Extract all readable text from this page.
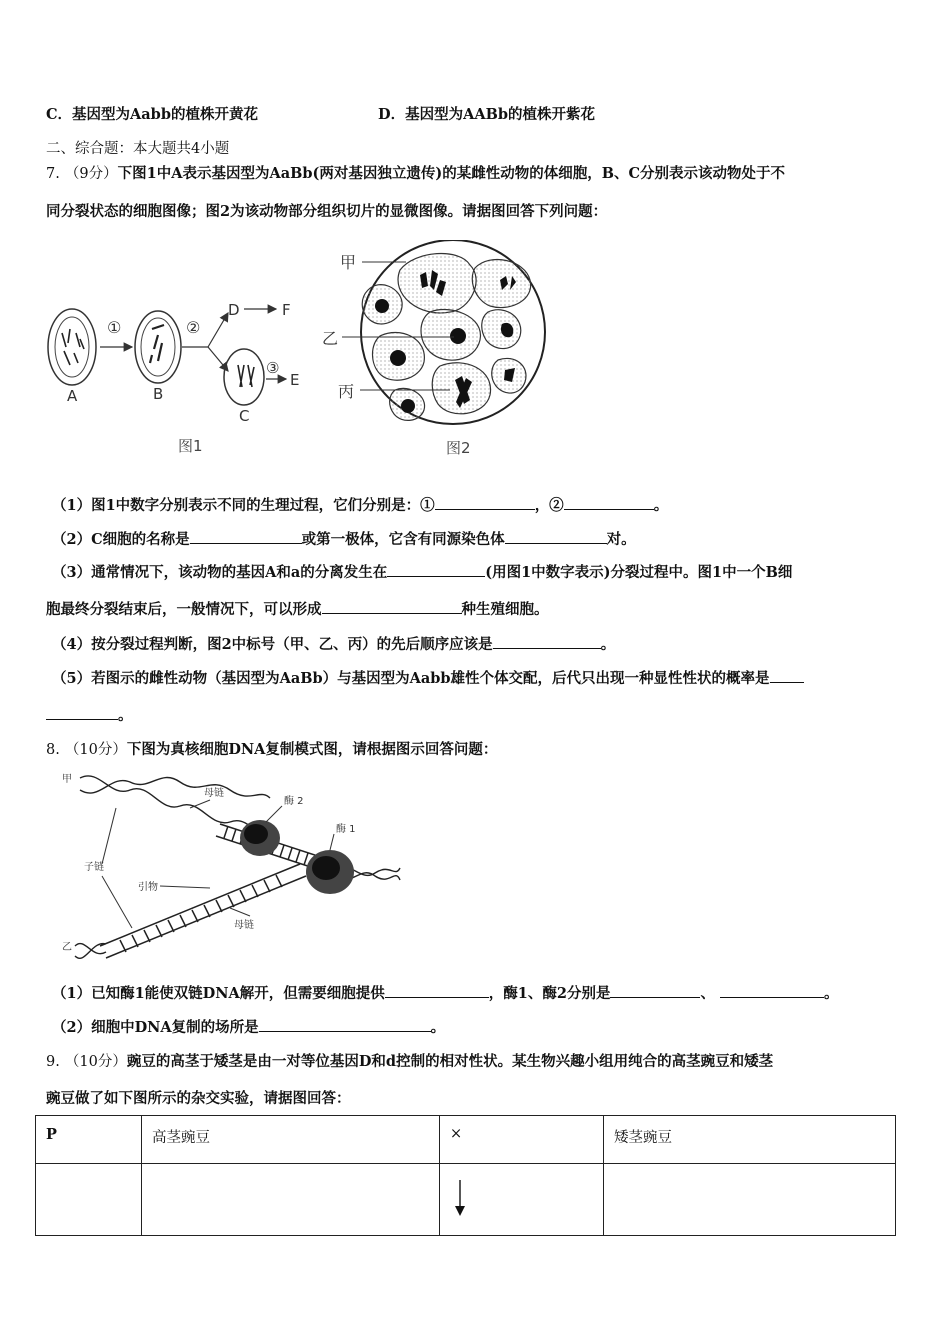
C．基因型为Aabb的植株开黄花	D．基因型为AABb的植株开紫花
二、综合题：本大题共4小题
7. （9分）下图1中A表示基因型为AaBb(两对基因独立遗传)的某雌性动物的体细胞，B、C分别表示该动物处于不
同分裂状态的细胞图像；图2为该动物部分组织切片的显微图像。请据图回答下列问题：
①	②
D	F
③
E
A	B
C
图1
甲
乙
丙
图2
（1）图1中数字分别表示不同的生理过程，它们分别是：①	，②	。
（2）C细胞的名称是	或第一极体，它含有同源染色体	对。
（3）通常情况下，该动物的基因A和a的分离发生在	(用图1中数字表示)分裂过程中。图1中一个B细
胞最终分裂结束后，一般情况下，可以形成	种生殖细胞。
（4）按分裂过程判断，图2中标号（甲、乙、丙）的先后顺序应该是	。
（5）若图示的雌性动物（基因型为AaBb）与基因型为Aabb雄性个体交配，后代只出现一种显性性状的概率是
。
8. （10分）下图为真核细胞DNA复制模式图，请根据图示回答问题：
甲
母链
酶 2
酶 1
子链
引物
母链
乙
（1）已知酶1能使双链DNA解开，但需要细胞提供	，酶1、酶2分别是	、	。
（2）细胞中DNA复制的场所是	。
9. （10分）豌豆的高茎于矮茎是由一对等位基因D和d控制的相对性状。某生物兴趣小组用纯合的高茎豌豆和矮茎
豌豆做了如下图所示的杂交实验，请据图回答：
P	高茎豌豆	×	矮茎豌豆
